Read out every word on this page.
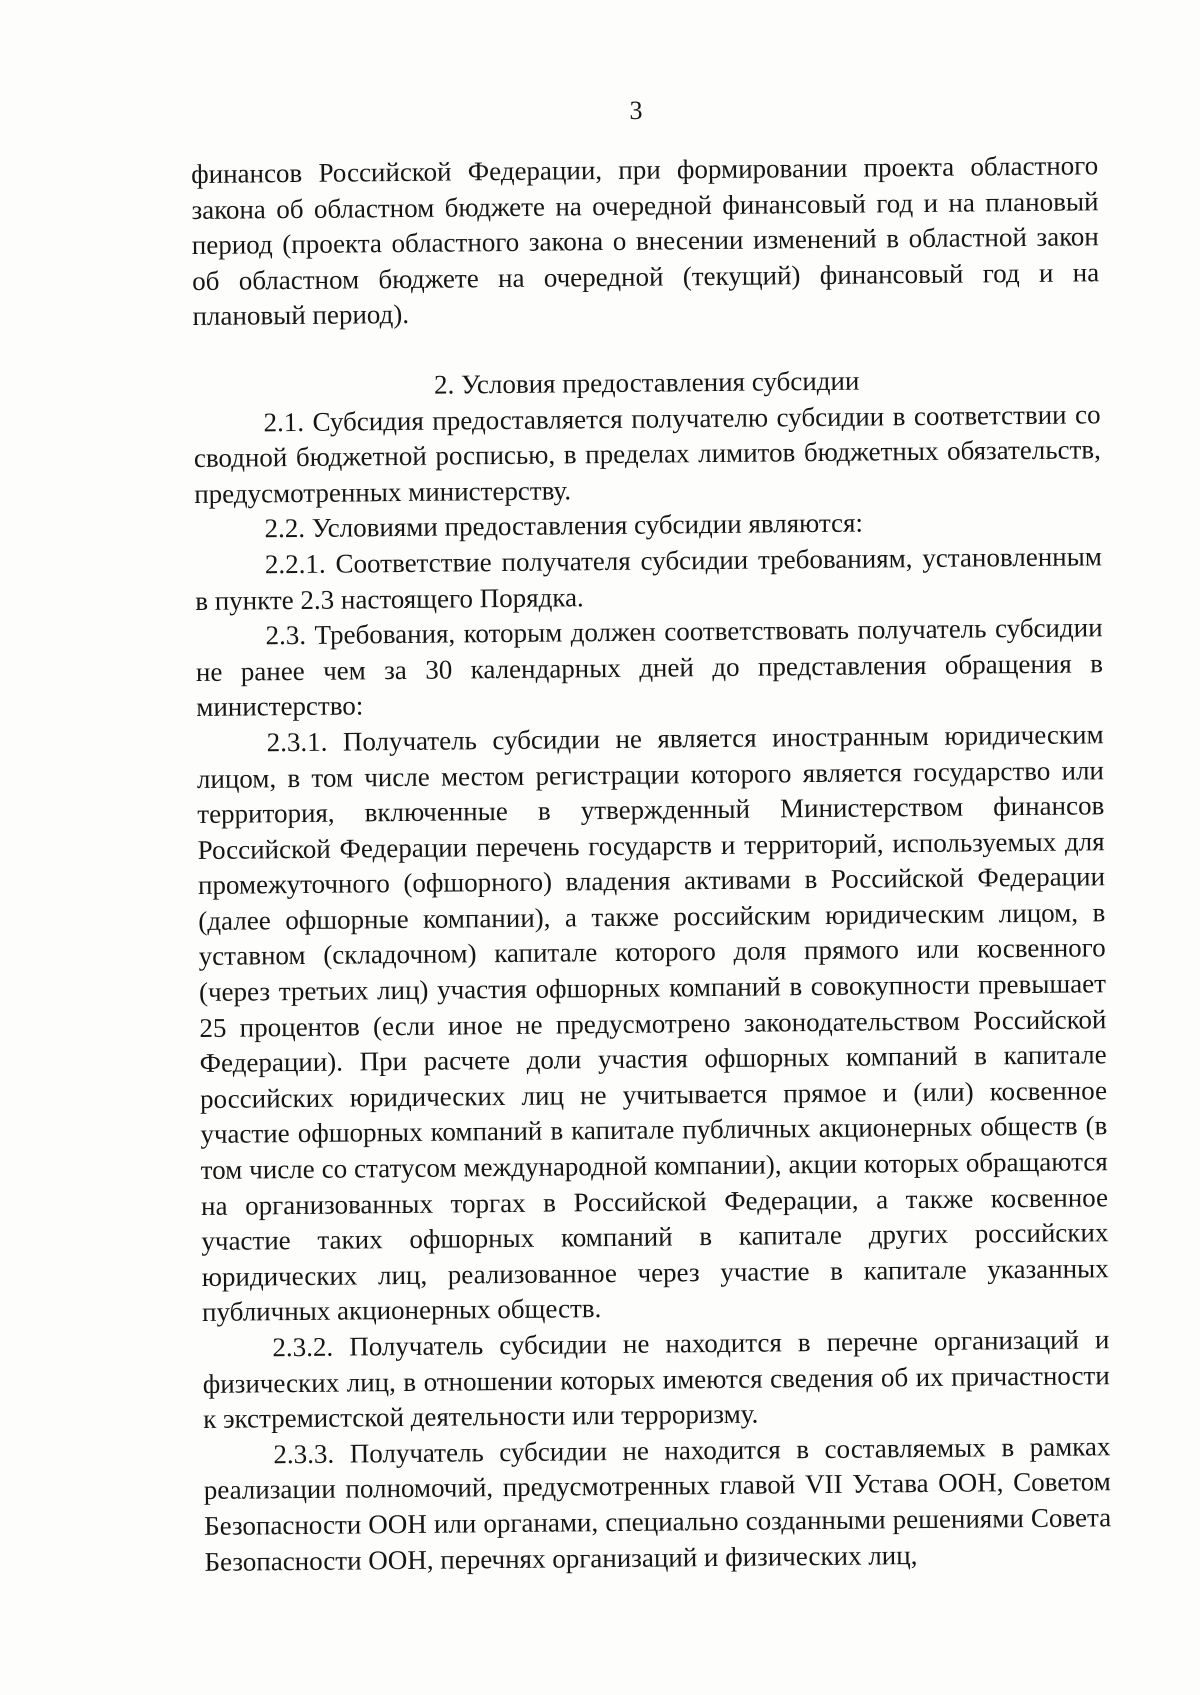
3

финансов Российской Федерации, при формировании проекта областного закона об областном бюджете на очередной финансовый год и на плановый период (проекта областного закона о внесении изменений в областной закон об областном бюджете на очередной (текущий) финансовый год и на плановый период).

2. Условия предоставления субсидии

2.1. Субсидия предоставляется получателю субсидии в соответствии со сводной бюджетной росписью, в пределах лимитов бюджетных обязательств, предусмотренных министерству.

2.2. Условиями предоставления субсидии являются:

2.2.1. Соответствие получателя субсидии требованиям, установленным в пункте 2.3 настоящего Порядка.

2.3. Требования, которым должен соответствовать получатель субсидии не ранее чем за 30 календарных дней до представления обращения в министерство:

2.3.1. Получатель субсидии не является иностранным юридическим лицом, в том числе местом регистрации которого является государство или территория, включенные в утвержденный Министерством финансов Российской Федерации перечень государств и территорий, используемых для промежуточного (офшорного) владения активами в Российской Федерации (далее офшорные компании), а также российским юридическим лицом, в уставном (складочном) капитале которого доля прямого или косвенного (через третьих лиц) участия офшорных компаний в совокупности превышает 25 процентов (если иное не предусмотрено законодательством Российской Федерации). При расчете доли участия офшорных компаний в капитале российских юридических лиц не учитывается прямое и (или) косвенное участие офшорных компаний в капитале публичных акционерных обществ (в том числе со статусом международной компании), акции которых обращаются на организованных торгах в Российской Федерации, а также косвенное участие таких офшорных компаний в капитале других российских юридических лиц, реализованное через участие в капитале указанных публичных акционерных обществ.

2.3.2. Получатель субсидии не находится в перечне организаций и физических лиц, в отношении которых имеются сведения об их причастности к экстремистской деятельности или терроризму.

2.3.3. Получатель субсидии не находится в составляемых в рамках реализации полномочий, предусмотренных главой VII Устава ООН, Советом Безопасности ООН или органами, специально созданными решениями Совета Безопасности ООН, перечнях организаций и физических лиц,
